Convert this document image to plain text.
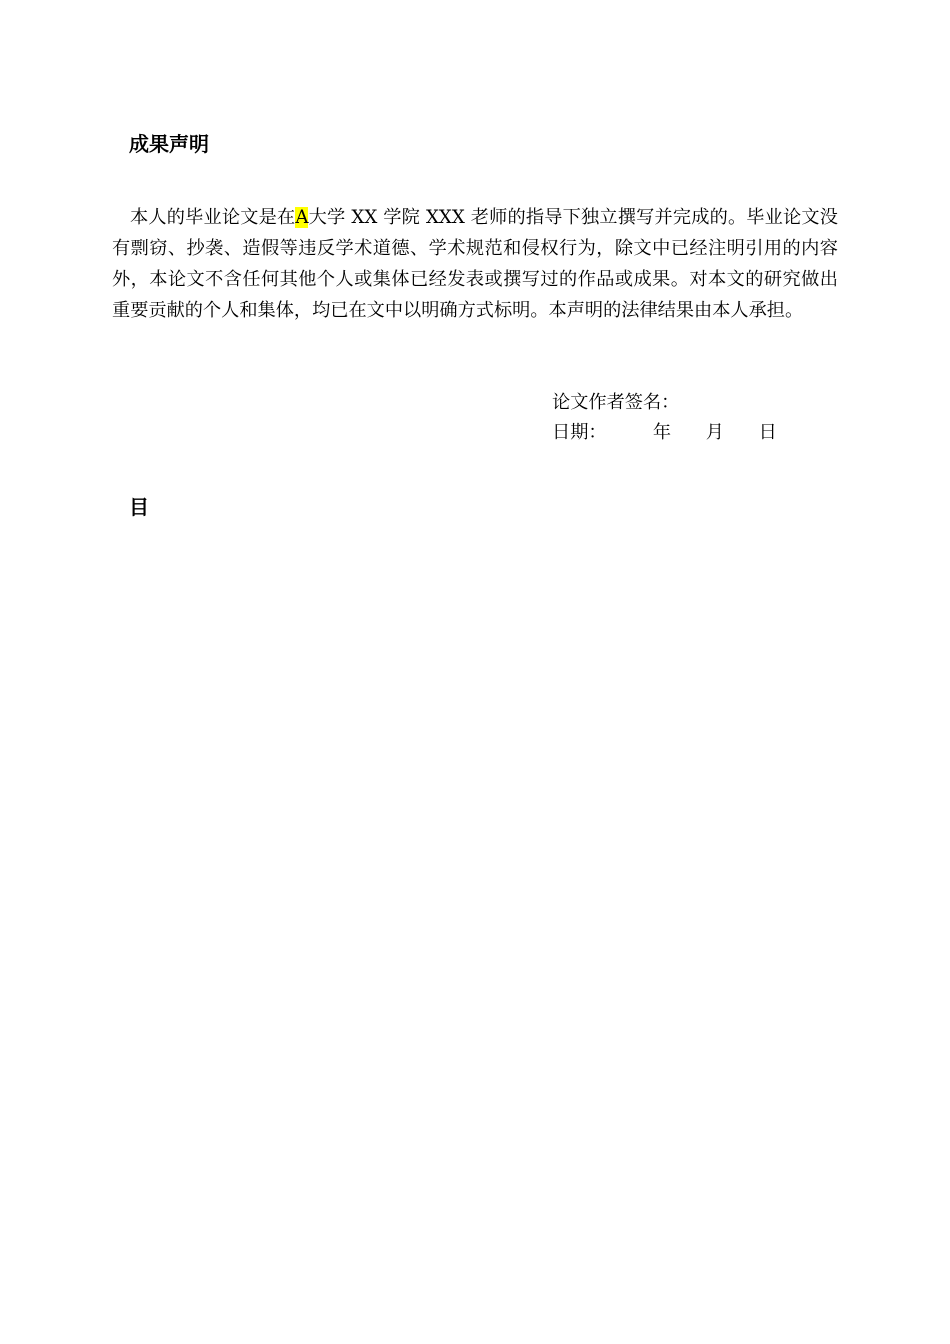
成果声明

本人的毕业论文是在A大学 XX 学院 XXX 老师的指导下独立撰写并完成的。毕业论文没有剽窃、抄袭、造假等违反学术道德、学术规范和侵权行为，除文中已经注明引用的内容外，本论文不含任何其他个人或集体已经发表或撰写过的作品或成果。对本文的研究做出重要贡献的个人和集体，均已在文中以明确方式标明。本声明的法律结果由本人承担。

论文作者签名：
日期：        年      月      日
目
